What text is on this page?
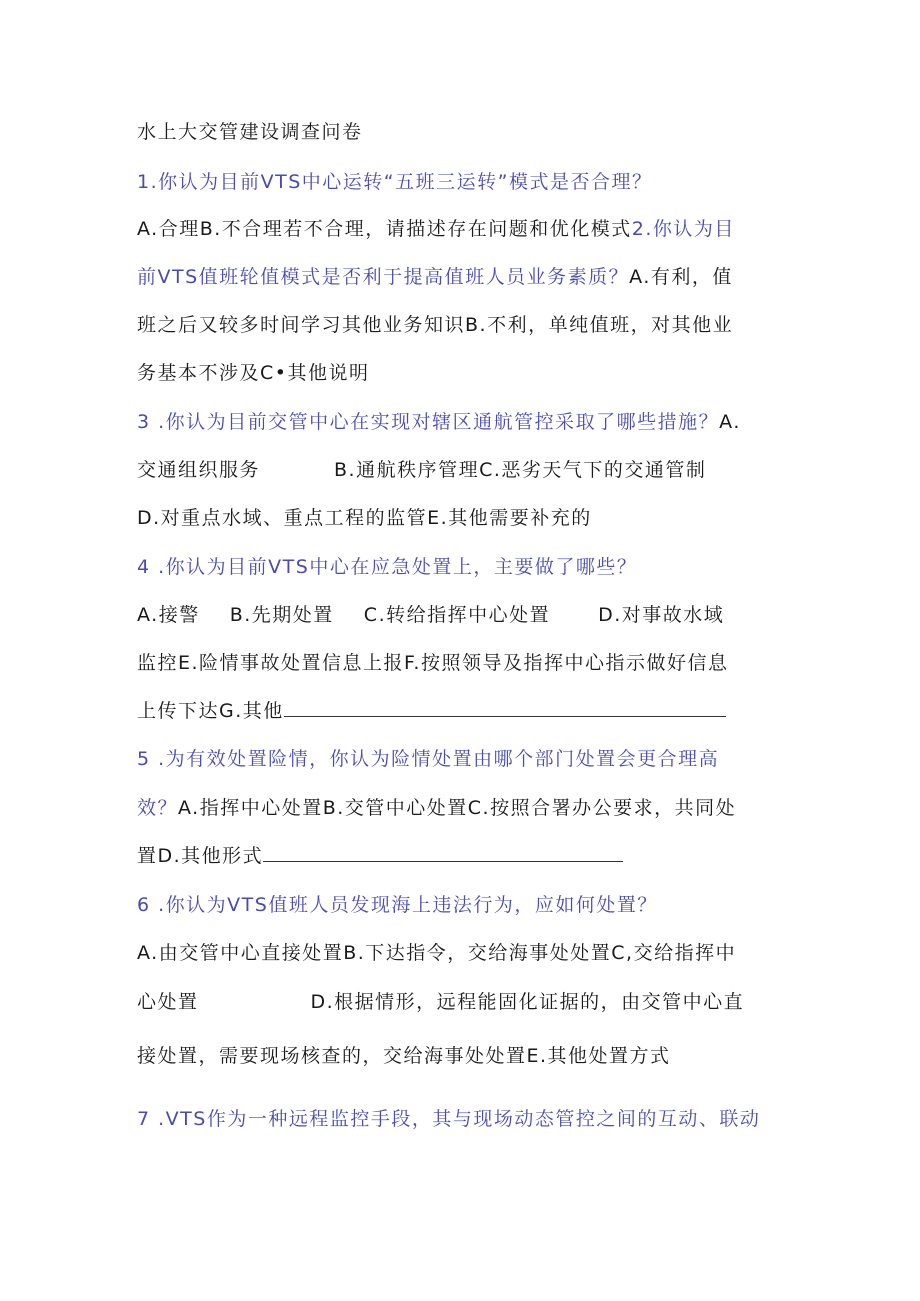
水上大交管建设调查问卷
1.你认为目前VTS中心运转“五班三运转”模式是否合理？
A.合理B.不合理若不合理，请描述存在问题和优化模式2.你认为目
前VTS值班轮值模式是否利于提高值班人员业务素质？A.有利，值
班之后又较多时间学习其他业务知识B.不利，单纯值班，对其他业
务基本不涉及C•其他说明
3 .你认为目前交管中心在实现对辖区通航管控采取了哪些措施？A.
交通组织服务	B.通航秩序管理C.恶劣天气下的交通管制
D.对重点水域、重点工程的监管E.其他需要补充的
4 .你认为目前VTS中心在应急处置上，主要做了哪些？
A.接警 B.先期处置 C.转给指挥中心处置	D.对事故水域
监控E.险情事故处置信息上报F.按照领导及指挥中心指示做好信息
上传下达G.其他
5 .为有效处置险情，你认为险情处置由哪个部门处置会更合理高
效？A.指挥中心处置B.交管中心处置C.按照合署办公要求，共同处
置D.其他形式
6 .你认为VTS值班人员发现海上违法行为，应如何处置？
A.由交管中心直接处置B.下达指令，交给海事处处置C,交给指挥中
心处置	D.根据情形，远程能固化证据的，由交管中心直
接处置，需要现场核查的，交给海事处处置E.其他处置方式
7 .VTS作为一种远程监控手段，其与现场动态管控之间的互动、联动
